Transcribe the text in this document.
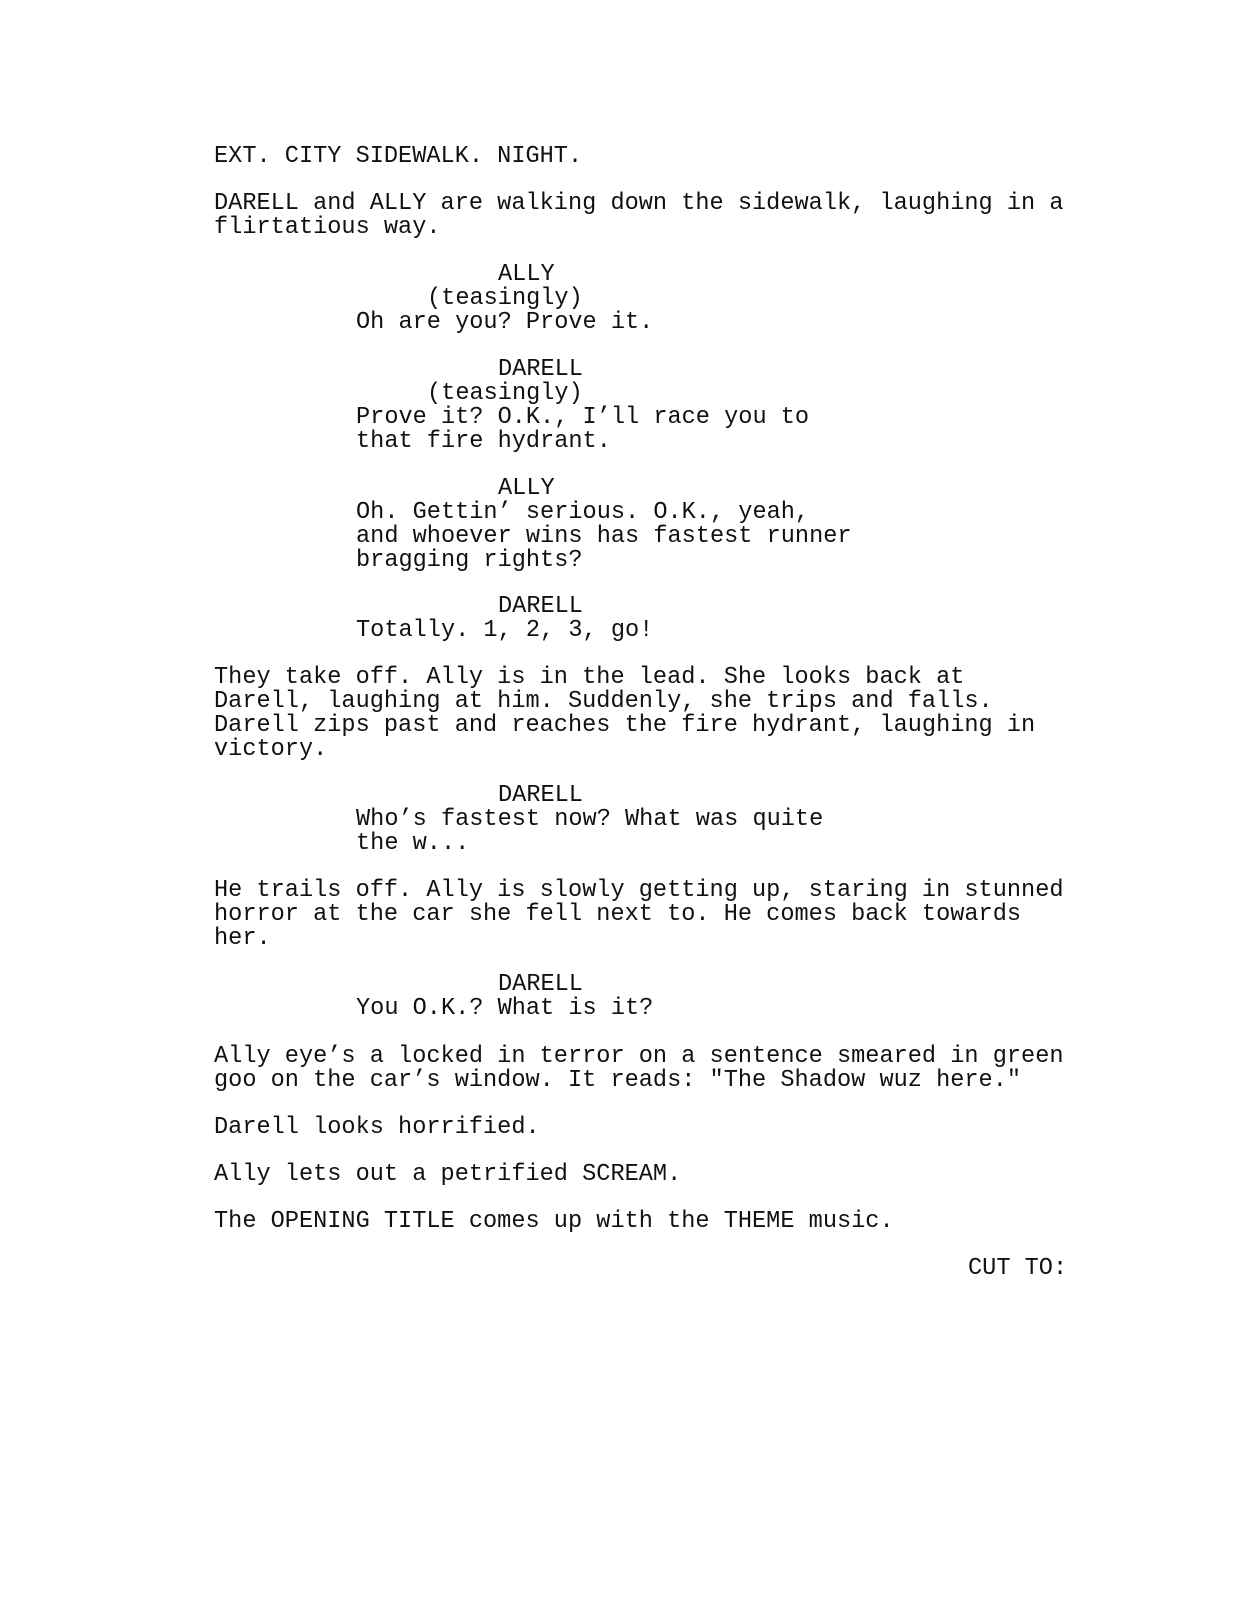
EXT. CITY SIDEWALK. NIGHT.
DARELL and ALLY are walking down the sidewalk, laughing in a
flirtatious way.
ALLY
(teasingly)
Oh are you? Prove it.
DARELL
(teasingly)
Prove it? O.K., I’ll race you to
that fire hydrant.
ALLY
Oh. Gettin’ serious. O.K., yeah,
and whoever wins has fastest runner
bragging rights?
DARELL
Totally. 1, 2, 3, go!
They take off. Ally is in the lead. She looks back at
Darell, laughing at him. Suddenly, she trips and falls.
Darell zips past and reaches the fire hydrant, laughing in
victory.
DARELL
Who’s fastest now? What was quite
the w...
He trails off. Ally is slowly getting up, staring in stunned
horror at the car she fell next to. He comes back towards
her.
DARELL
You O.K.? What is it?
Ally eye’s a locked in terror on a sentence smeared in green
goo on the car’s window. It reads: "The Shadow wuz here."
Darell looks horrified.
Ally lets out a petrified SCREAM.
The OPENING TITLE comes up with the THEME music.
CUT TO:
